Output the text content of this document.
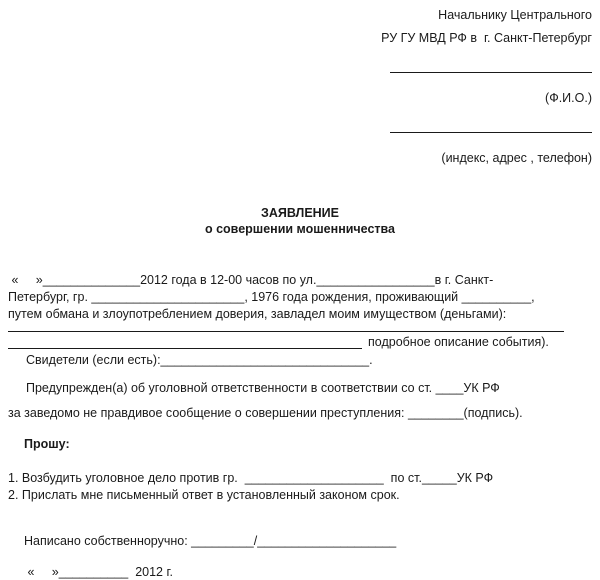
Начальнику Центрального
РУ ГУ МВД РФ в  г. Санкт-Петербург
(Ф.И.О.)
(индекс, адрес , телефон)
ЗАЯВЛЕНИЕ
о совершении мошенничества
«     »______________2012 года в 12-00 часов по ул._________________в г. Санкт-
Петербург, гр. ______________________, 1976 года рождения, проживающий __________,
путем обмана и злоупотреблением доверия, завладел моим имуществом (деньгами):
подробное описание события).
Свидетели (если есть):______________________________.
Предупрежден(а) об уголовной ответственности в соответствии со ст. ____УК РФ
за заведомо не правдивое сообщение о совершении преступления: ________(подпись).
Прошу:
1. Возбудить уголовное дело против гр.  ____________________  по ст._____УК РФ
2. Прислать мне письменный ответ в установленный законом срок.
Написано собственноручно: _________/____________________
«     »__________  2012 г.
